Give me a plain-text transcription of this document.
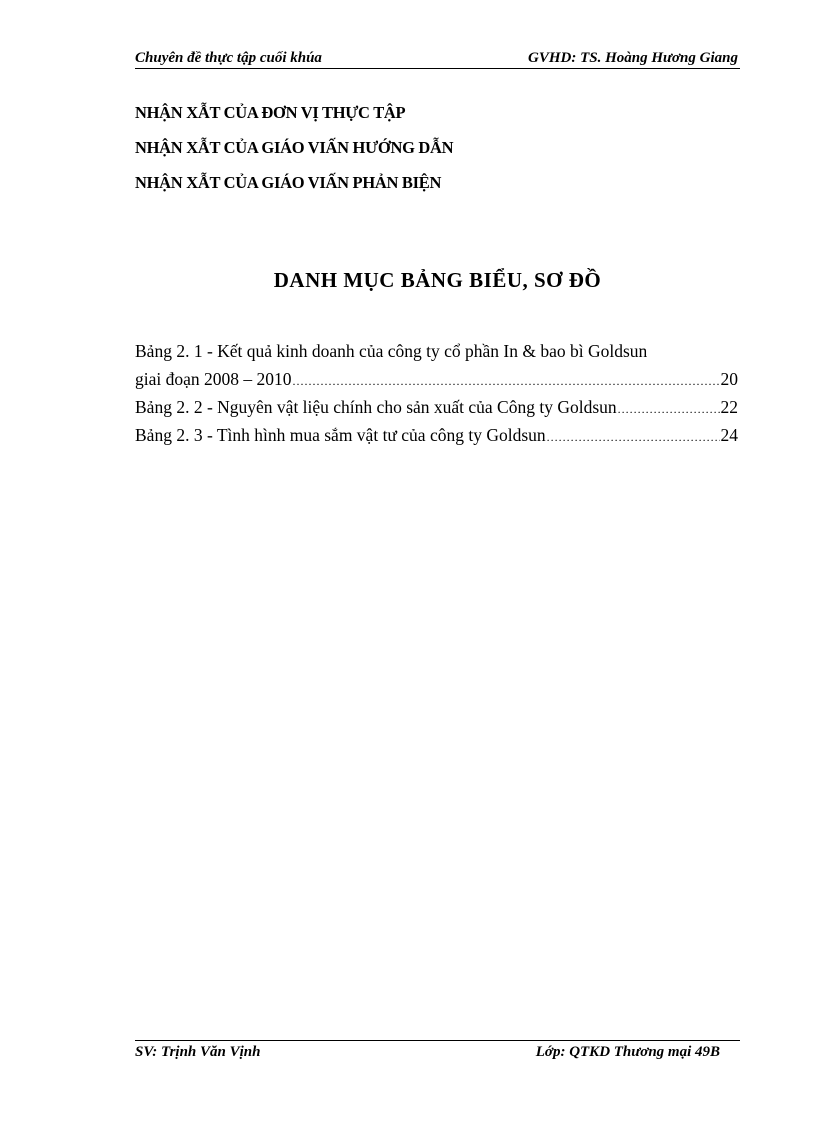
Chuyên đề thực tập cuối khúa	GVHD: TS. Hoàng Hương Giang
NHẬN XẪT CỦA ĐƠN VỊ THỰC TẬP
NHẬN XẪT CỦA GIÁO VIẤN HƯỚNG DẪN
NHẬN XẪT CỦA GIÁO VIẤN PHẢN BIỆN
DANH MỤC BẢNG BIỂU, SƠ ĐỒ
Bảng 2. 1 - Kết quả kinh doanh của công ty cổ phần In & bao bì Goldsun
giai đoạn 2008 – 2010 .....	20
Bảng 2. 2 - Nguyên vật liệu chính cho sản xuất của Công ty Goldsun .....	22
Bảng 2. 3 - Tình hình mua sắm vật tư của công ty Goldsun .....	24
SV: Trịnh Văn Vịnh	Lớp: QTKD Thương mại 49B
